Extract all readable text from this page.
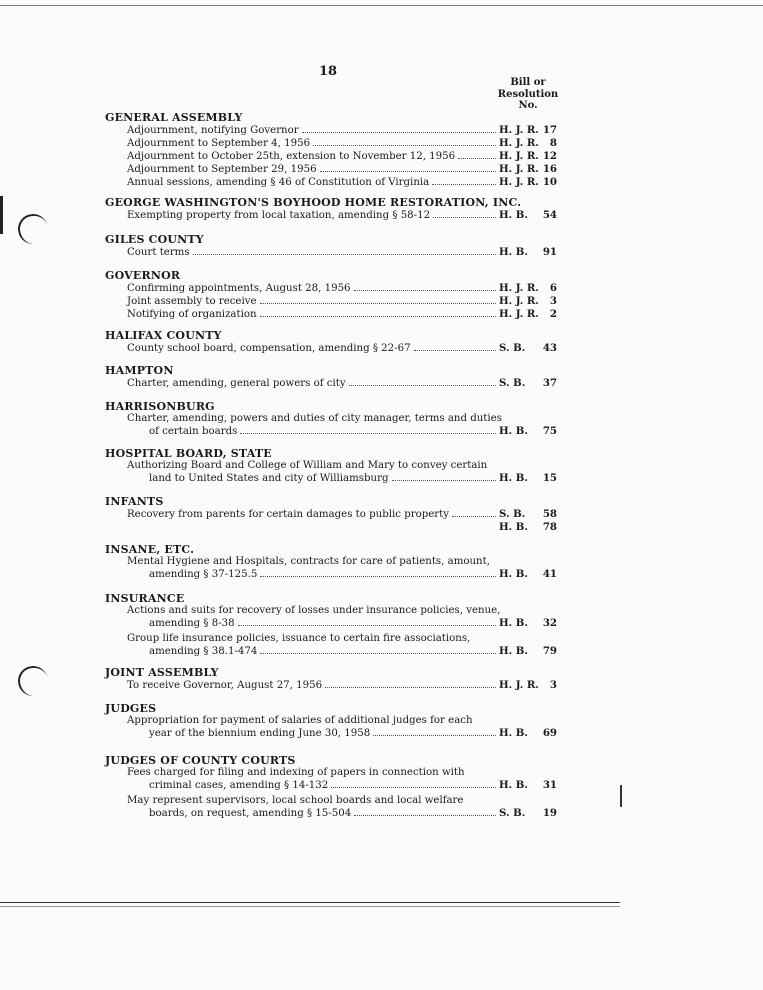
18
Bill or
Resolution
No.
GENERAL ASSEMBLY
Adjournment, notifying Governor	H. J. R. 17
Adjournment to September 4, 1956	H. J. R. 8
Adjournment to October 25th, extension to November 12, 1956	H. J. R. 12
Adjournment to September 29, 1956	H. J. R. 16
Annual sessions, amending § 46 of Constitution of Virginia	H. J. R. 10
GEORGE WASHINGTON'S BOYHOOD HOME RESTORATION, INC.
Exempting property from local taxation, amending § 58-12	H. B. 54
GILES COUNTY
Court terms	H. B. 91
GOVERNOR
Confirming appointments, August 28, 1956	H. J. R. 6
Joint assembly to receive	H. J. R. 3
Notifying of organization	H. J. R. 2
HALIFAX COUNTY
County school board, compensation, amending § 22-67	S. B. 43
HAMPTON
Charter, amending, general powers of city	S. B. 37
HARRISONBURG
Charter, amending, powers and duties of city manager, terms and duties
of certain boards	H. B. 75
HOSPITAL BOARD, STATE
Authorizing Board and College of William and Mary to convey certain
land to United States and city of Williamsburg	H. B. 15
INFANTS
Recovery from parents for certain damages to public property	S. B. 58
H. B. 78
INSANE, ETC.
Mental Hygiene and Hospitals, contracts for care of patients, amount,
amending § 37-125.5	H. B. 41
INSURANCE
Actions and suits for recovery of losses under insurance policies, venue,
amending § 8-38	H. B. 32
Group life insurance policies, issuance to certain fire associations,
amending § 38.1-474	H. B. 79
JOINT ASSEMBLY
To receive Governor, August 27, 1956	H. J. R. 3
JUDGES
Appropriation for payment of salaries of additional judges for each
year of the biennium ending June 30, 1958	H. B. 69
JUDGES OF COUNTY COURTS
Fees charged for filing and indexing of papers in connection with
criminal cases, amending § 14-132	H. B. 31
May represent supervisors, local school boards and local welfare
boards, on request, amending § 15-504	S. B. 19
